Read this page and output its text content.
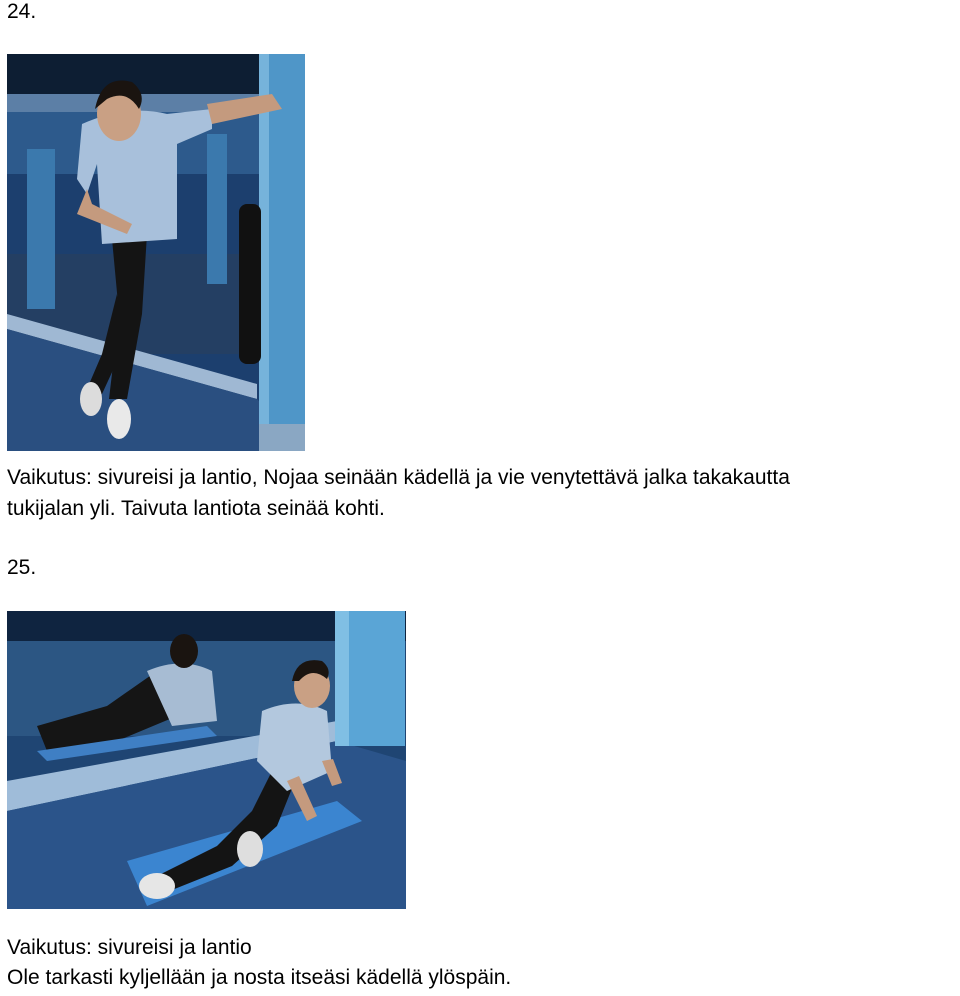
24.
Vaikutus: sivureisi ja lantio, Nojaa seinään kädellä ja vie venytettävä jalka takakautta
tukijalan yli. Taivuta lantiota seinää kohti.
25.
Vaikutus: sivureisi ja lantio
Ole tarkasti kyljellään ja nosta itseäsi kädellä ylöspäin.
